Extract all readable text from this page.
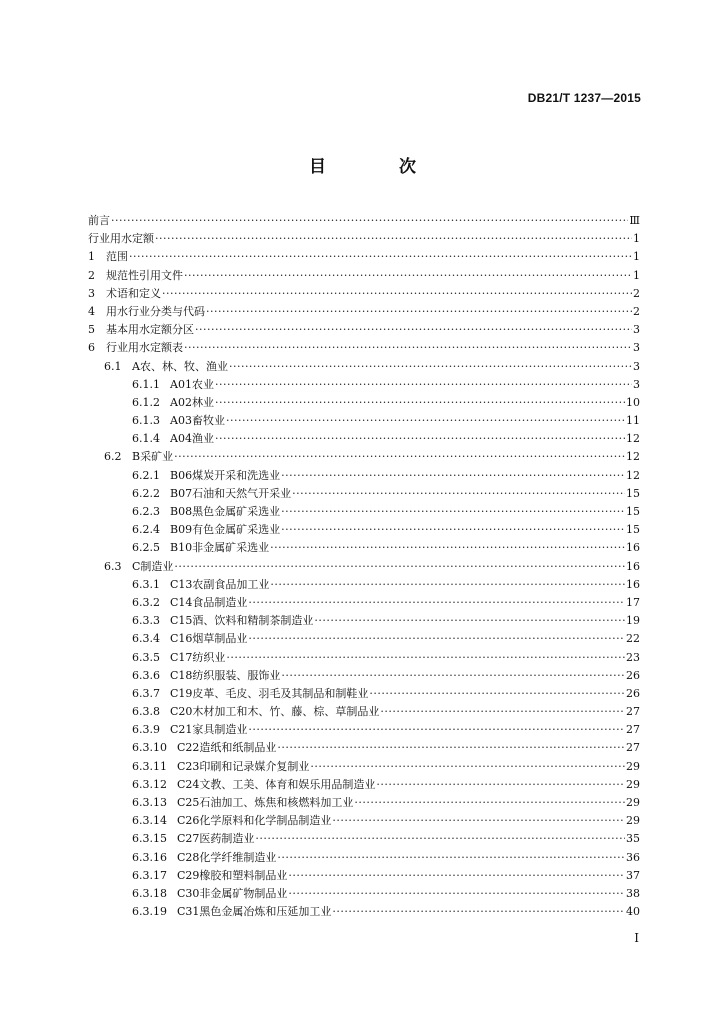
DB21/T 1237—2015
目　次
前言 ·····	Ⅲ
行业用水定额 ·····	1
1	范围 ·····	1
2	规范性引用文件 ·····	1
3	术语和定义 ·····	2
4	用水行业分类与代码 ·····	2
5	基本用水定额分区 ·····	3
6	行业用水定额表 ·····	3
6.1 A农、林、牧、渔业 ·····	3
6.1.1 A01农业 ·····	3
6.1.2 A02林业 ·····	10
6.1.3 A03畜牧业 ·····	11
6.1.4 A04渔业 ·····	12
6.2 B采矿业 ·····	12
6.2.1 B06煤炭开采和洗选业 ·····	12
6.2.2 B07石油和天然气开采业 ·····	15
6.2.3 B08黑色金属矿采选业 ·····	15
6.2.4 B09有色金属矿采选业 ·····	15
6.2.5 B10非金属矿采选业 ·····	16
6.3 C制造业 ·····	16
6.3.1 C13农副食品加工业 ·····	16
6.3.2 C14食品制造业 ·····	17
6.3.3 C15酒、饮料和精制茶制造业 ·····	19
6.3.4 C16烟草制品业 ·····	22
6.3.5 C17纺织业 ·····	23
6.3.6 C18纺织服装、服饰业 ·····	26
6.3.7 C19皮革、毛皮、羽毛及其制品和制鞋业 ·····	26
6.3.8 C20木材加工和木、竹、藤、棕、草制品业 ·····	27
6.3.9 C21家具制造业 ·····	27
6.3.10 C22造纸和纸制品业 ·····	27
6.3.11 C23印刷和记录媒介复制业 ·····	29
6.3.12 C24文教、工美、体育和娱乐用品制造业 ·····	29
6.3.13 C25石油加工、炼焦和核燃料加工业 ·····	29
6.3.14 C26化学原料和化学制品制造业 ·····	29
6.3.15 C27医药制造业 ·····	35
6.3.16 C28化学纤维制造业 ·····	36
6.3.17 C29橡胶和塑料制品业 ·····	37
6.3.18 C30非金属矿物制品业 ·····	38
6.3.19 C31黑色金属冶炼和压延加工业 ·····	40
I
